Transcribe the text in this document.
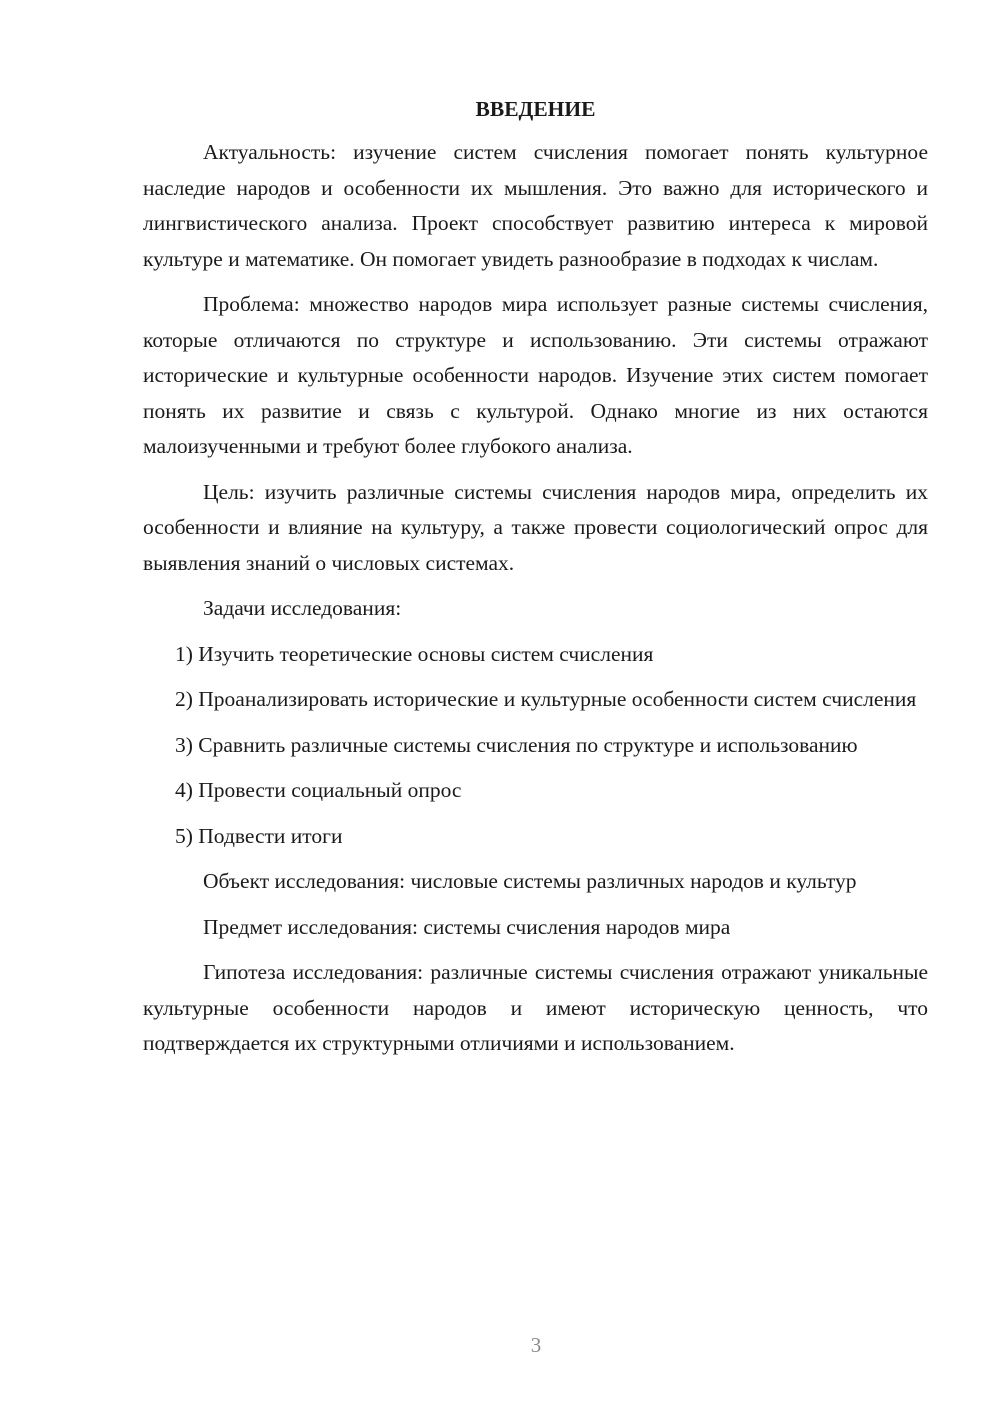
ВВЕДЕНИЕ

Актуальность: изучение систем счисления помогает понять культурное наследие народов и особенности их мышления. Это важно для исторического и лингвистического анализа. Проект способствует развитию интереса к мировой культуре и математике. Он помогает увидеть разнообразие в подходах к числам.

Проблема: множество народов мира использует разные системы счисления, которые отличаются по структуре и использованию. Эти системы отражают исторические и культурные особенности народов. Изучение этих систем помогает понять их развитие и связь с культурой. Однако многие из них остаются малоизученными и требуют более глубокого анализа.

Цель: изучить различные системы счисления народов мира, определить их особенности и влияние на культуру, а также провести социологический опрос для выявления знаний о числовых системах.

Задачи исследования:

1) Изучить теоретические основы систем счисления

2) Проанализировать исторические и культурные особенности систем счисления

3) Сравнить различные системы счисления по структуре и использованию

4) Провести социальный опрос

5) Подвести итоги

Объект исследования: числовые системы различных народов и культур

Предмет исследования: системы счисления народов мира

Гипотеза исследования: различные системы счисления отражают уникальные культурные особенности народов и имеют историческую ценность, что подтверждается их структурными отличиями и использованием.

3
